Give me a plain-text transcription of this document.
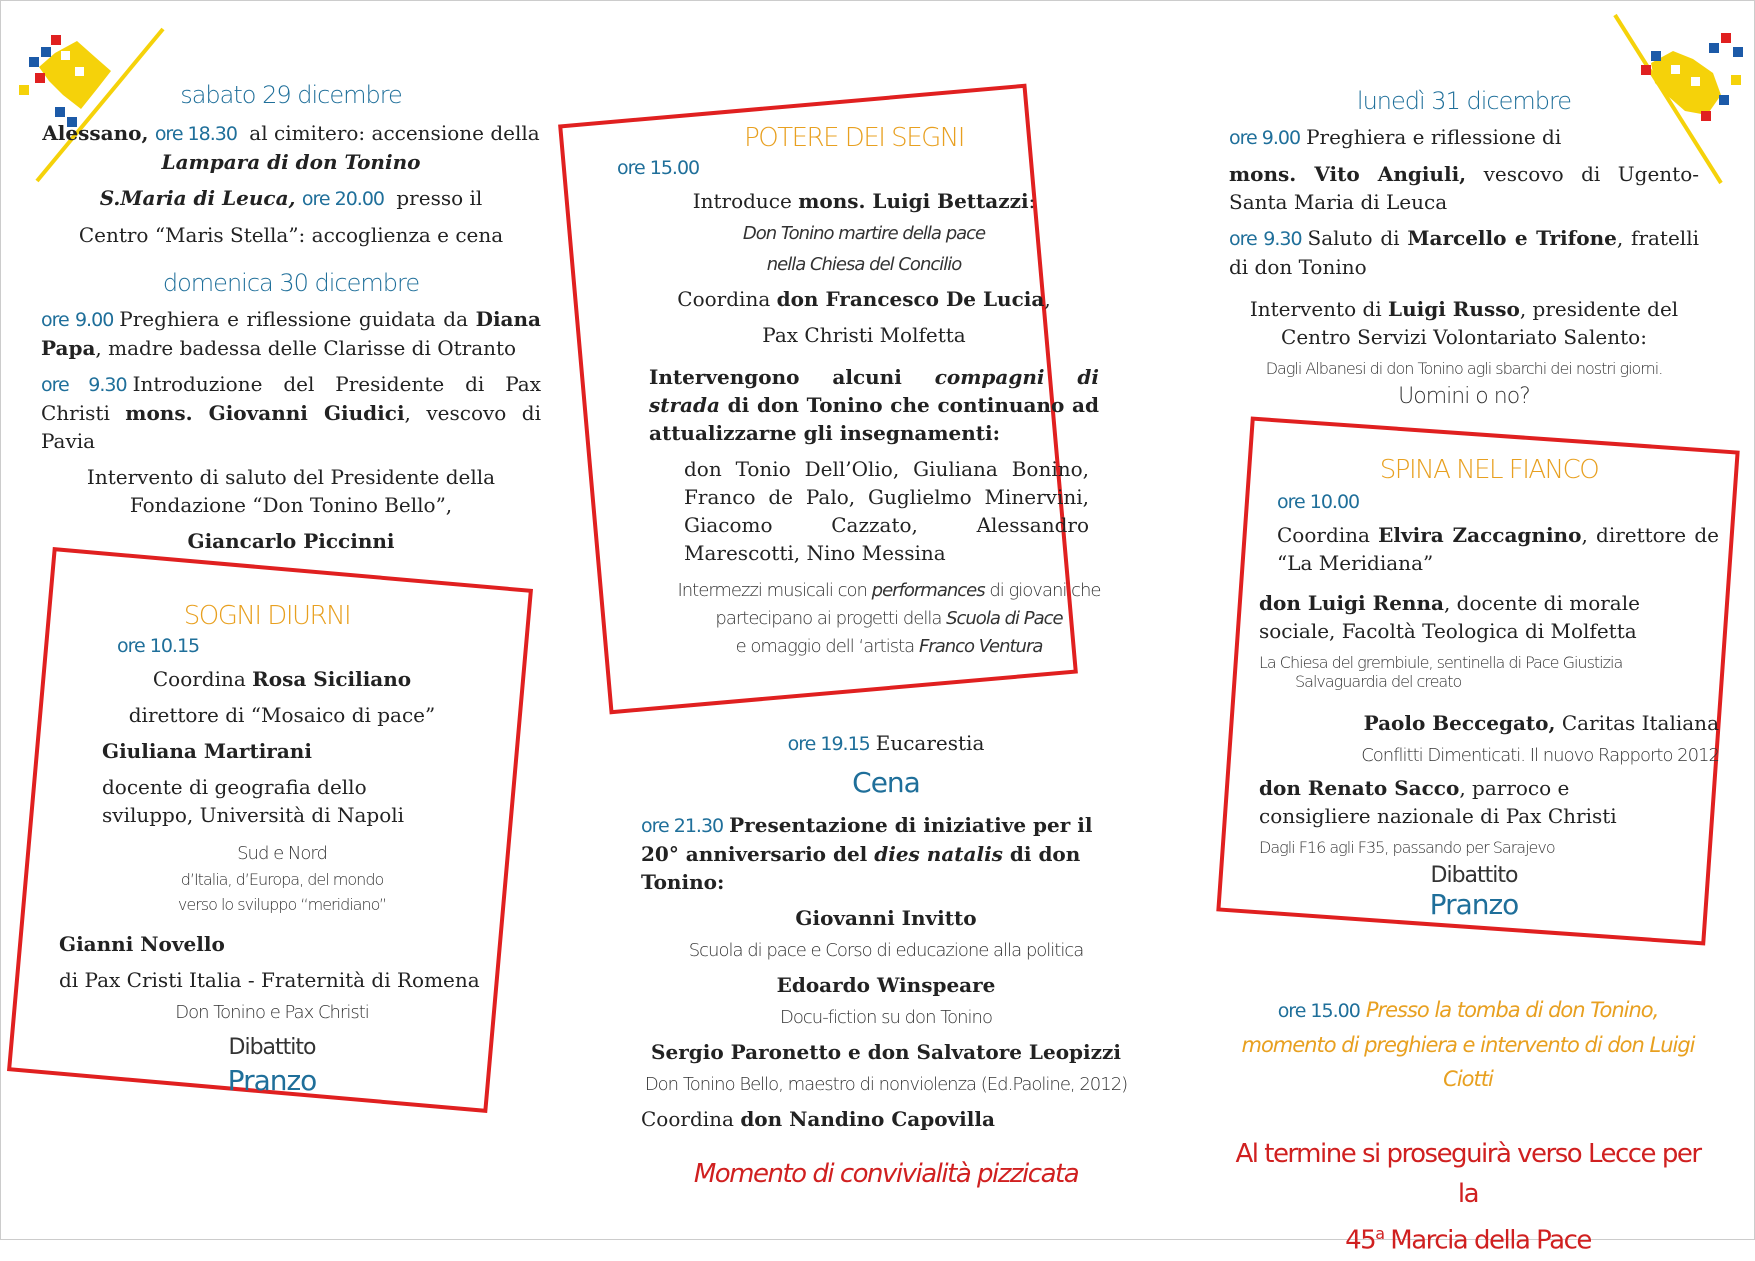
sabato 29 dicembre

Alessano, ore 18.30 al cimitero: accensione della Lampara di don Tonino

S.Maria di Leuca, ore 20.00 presso il

Centro “Maris Stella”: accoglienza e cena

domenica 30 dicembre

ore 9.00 Preghiera e riflessione guidata da Diana Papa, madre badessa delle Clarisse di Otranto

ore 9.30 Introduzione del Presidente di Pax Christi mons. Giovanni Giudici, vescovo di Pavia

Intervento di saluto del Presidente della Fondazione “Don Tonino Bello”,

Giancarlo Piccinni

SOGNI DIURNI
ore 10.15

Coordina Rosa Siciliano

direttore di “Mosaico di pace”

Giuliana Martirani

docente di geografia dello sviluppo, Università di Napoli

Sud e Nord
d’Italia, d’Europa, del mondo
verso lo sviluppo “meridiano”

Gianni Novello

di Pax Cristi Italia - Fraternità di Romena

Don Tonino e Pax Christi
Dibattito
Pranzo
POTERE DEI SEGNI
ore 15.00

Introduce mons. Luigi Bettazzi:

Don Tonino martire della pace
nella Chiesa del Concilio

Coordina don Francesco De Lucia,

Pax Christi Molfetta

Intervengono alcuni compagni di strada di don Tonino che continuano ad attualizzarne gli insegnamenti:

don Tonio Dell’Olio, Giuliana Bonino, Franco de Palo, Guglielmo Minervini, Giacomo Cazzato, Alessandro Marescotti, Nino Messina

Intermezzi musicali con performances di giovani che partecipano ai progetti della Scuola di Pace
e omaggio dell ‘artista Franco Ventura

ore 19.15 Eucarestia

Cena

ore 21.30 Presentazione di iniziative per il 20° anniversario del dies natalis di don Tonino:

Giovanni Invitto

Scuola di pace e Corso di educazione alla politica

Edoardo Winspeare

Docu-fiction su don Tonino

Sergio Paronetto e don Salvatore Leopizzi

Don Tonino Bello, maestro di nonviolenza (Ed.Paoline, 2012)

Coordina don Nandino Capovilla

Momento di convivialità pizzicata
lunedì 31 dicembre

ore 9.00 Preghiera e riflessione di

mons. Vito Angiuli, vescovo di Ugento-Santa Maria di Leuca

ore 9.30 Saluto di Marcello e Trifone, fratelli di don Tonino

Intervento di Luigi Russo, presidente del Centro Servizi Volontariato Salento:

Dagli Albanesi di don Tonino agli sbarchi dei nostri giorni.
Uomini o no?
SPINA NEL FIANCO
ore 10.00

Coordina Elvira Zaccagnino, direttore de “La Meridiana”

don Luigi Renna, docente di morale sociale, Facoltà Teologica di Molfetta

La Chiesa del grembiule, sentinella di Pace Giustizia
Salvaguardia del creato

Paolo Beccegato, Caritas Italiana

Conflitti Dimenticati. Il nuovo Rapporto 2012

don Renato Sacco, parroco e consigliere nazionale di Pax Christi

Dagli F16 agli F35, passando per Sarajevo
Dibattito
Pranzo
ore 15.00 Presso la tomba di don Tonino, momento di preghiera e intervento di don Luigi Ciotti
Al termine si proseguirà verso Lecce per la
45$^a$ Marcia della Pace
